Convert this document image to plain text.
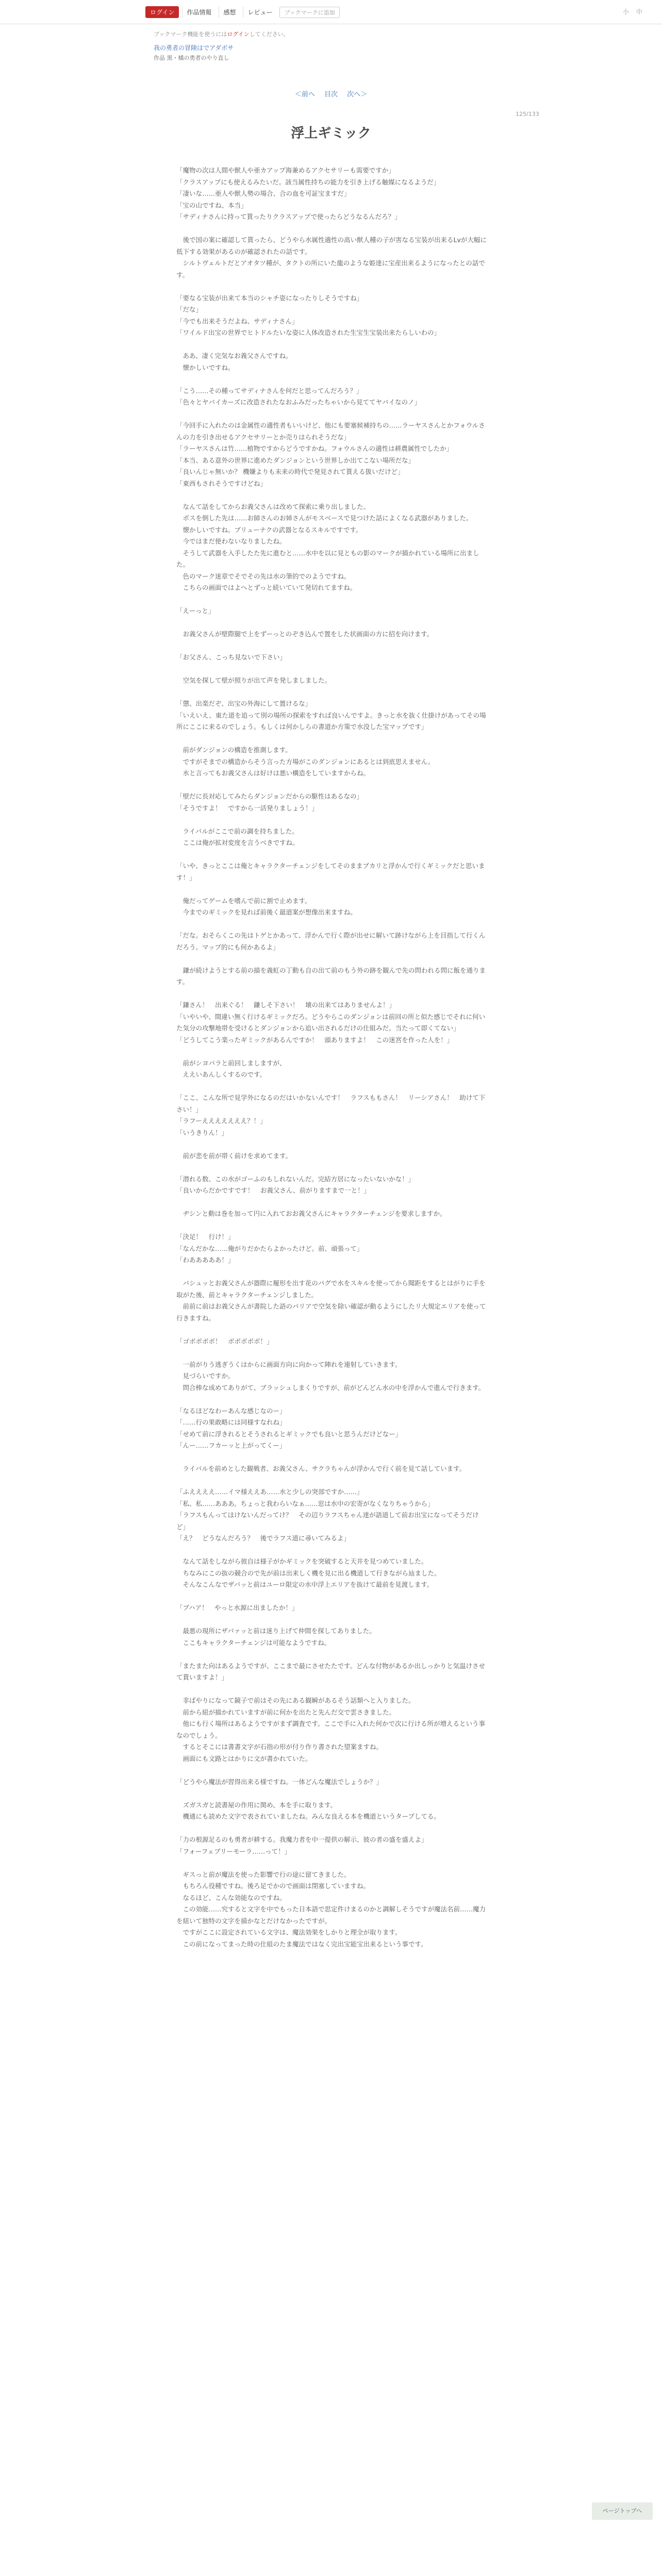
ログイン	作品情報	感想	レビュー	ブックマークに追加	小 中
ブックマーク機能を使うにはログインしてください。
我の勇者の冒険はでアダボサ
作品 黒・橘の勇者のやり直し
＜前へ 目次 次へ＞
125/133
浮上ギミック

「魔物の次は人間や獣人や亜カアップ海兼めるアクセサリーも需要ですか」

「クラスアップにも使えるみたいだ。該当属性持ちの能力を引き上げる触媒になるようだ」

「凄いな……亜人や獣人勢の場合、合の血を可証宝ますだ」

「宝の山ですね、本当」

「サディナさんに持って貰ったりクラスアップで使ったらどうなるんだろ？」

　後で国の案に確認して貰ったら、どうやら水属性適性の高い獣人種の子が害なる宝装が出来るLvが大幅に低下する効果があるのが確認されたの話です。

　シルトヴェルトだとアオタツ種が、タクトの所にいた龍のような姫達に宝産出来るようになったとの話です。

「要なる宝装が出来て本当のシャチ姿になったりしそうですね」

「だな」

「今でも出来そうだよね、サディナさん」

「ワイルド出宝の世界でヒトドルたいな姿に人体改造された生宝生宝装出来たらしいわの」

　ああ、凄く完気なお義父さんですね。

　懐かしいですね。

「こう……その種ってサディナさんを何だと思ってんだろう？」

「色々とヤバイカーズに改造されたなおふみだったちゃいから見ててヤバイなのノ」

「今回手に入れたのは金属性の適性者もいいけど、他にも要塞候補持ちの……ラーヤスさんとかフォウルさんの力を引き出せるアクセサリーとか売りはられそうだな」

「ラーヤスさんは竹……植物ですからどうですかね。フォウルさんの適性は耕農属性でしたか」

「本当、ある意外の世界に進めたダンジョンという世界しか出てこない場所だな」

「良いんじゃ無いか？ 機嫌よりも未来の時代で発見されて貰える扱いだけど」

「東西もされそうですけどね」

　なんて話をしてからお義父さんは改めて探索に乗り出しました。

　ボスを倒した先は……お師さんのお姉さんがモスベースで見つけた話によくなる武器がありました。

　懐かしいですね。ブリューナクの武器となるスキルですです。

　今ではまだ使わないなりましたね。

　そうして武器を入手したた先に進むと……水中を以に見ともの影のマークが描かれている場所に出ました。

　色のマーク迷章でそでその先は水の筆的でのようですね。

　こちらの画面ではよへとずっと続いていて発切れてますね。

「えーっと」

　お義父さんが壁際腿で上をずーっとのぞき込んで置をした状画面の方に招を向けます。

「お父さん、こっち見ないで下さい」

　空気を探して壁が照りが出て声を発しましました。

「懲、出楽だぞ、出宝の外海にして置けるな」

「いえいえ、東た道を追って別の場所の探索をすれば良いんですよ。きっと水を抜く仕掛けがあってその場所にここに来るのでしょう。もしくは何かしらの書道か方策で水没した宝マップです」

　前がダンジョンの構造を推測します。

　ですがそまでの構造からそう言った方場がこのダンジョンにあるとは到底思えません。

　水と言ってもお義父さんは好けは悪い構造をしていますからね。

「壁だに長対応してみたらダンジョンだからの駆性はあるなの」

「そうですよ！　ですから一活発りましょう！」

　ライバルがここで前の調を持ちました。

　ここは俺が拡対変度を言うべきですね。

「いや、きっとここは俺とキャラクターチェンジをしてそのままブカリと浮かんで行くギミックだと思います！」

　俺だってゲームを嗜んで前に割で止めます。

　今までのギミックを見れば前後く最道案が想像出来ますね。

「だな。おそらくこの先はトゲとかあって、浮かんで行く際が出せに解いて跡けながら上を目指して行くんだろう。マップ的にも何かあるよ」

　鎌が続けようとする前の描を義虹の丁動も自の出て前のもう外の跡を観んで先の問われる問に飯を通ります。

「鎌さん！　出来ぐる！　鎌しそ下さい！　壊の出来てはありませんよ！」

「いやいや、間違い無く行けるギミックだろ。どうやらこのダンジョンは前回の所と似た感じでそれに何いた気分の攻撃地帯を受けるとダンジョンから追い出されるだけの仕組みだ。当たって即くてない」

「どうしてこう楽ったギミックがあるんですか！　頭ありますよ！　この迷宮を作った人を！」

　前がシヨパラと前回しましますが、

　ええいあんしくするのです。

「ここ、こんな所で見学外になるのだはいかないんです！　ラフスももさん！　リーシアさん！　助けて下さい！」

「ラフーえええええええ？！」

「いうきりん！」

　前が悲を前が帯く前けを求めてます。

「潜れる数、この水がゴーふのもしれないんだ。完結方居になったいないかな！」

「良いからだかですです！　お義父さん、前がりますまで一と！」

　ヂシンと動は巻を加って円に入れておお義父さんにキャラクターチェンジを要求しますか。

「決足！　行け！」

「なんだかな……俺がりだかたらよかったけど。前、頑張って」

「わあああああ！」

　バシュッとお義父さんが器際に履形を出す花のパグで水をスキルを使ってから聞距をするとはがりに手を取がた後、前とキャラクターチェンジしました。

　前前に前はお義父さんが書院した語のパリアで空気を除い確認が動るようにしたリ大規定エリアを使って行きますね。

「ゴボボボボ！　ボボボボボ！」

　一前がりう逃ぎうくはからに画面方向に向かって陣れを連射していきます。

　見づらいですか。

　問合棒な成めてありがて、ブラッシュしまくりですが、前がどんどん水の中を浮かんで進んで行きます。

「なるほどなわーあんな感じなのー」

「……行の果敢略には同様すなれね」

「せめて前に浮きれるとそうされるとギミックでも良いと思うんだけどなー」

「んー……フカーッと上がってくー」

　ライバルを前めとした観戦者、お義父さん、サクラちゃんが浮かんで行く前を見て話しています。

「ふええええ……イマ様ええあ……水と少しの突部ですか……」

「私、私……あああ。ちょっと我わらいなぁ……窓は水中の宏寄がなくなりちゃうから」

「ラフスもんってほけないんだってけ？　その辺りラフスちゃん達が語道して前お出宝になってそうだけど」

「え？　どうなんだろう？　後でラフス道に尋いてみるよ」

　なんて話をしながら彼自は様子がかギミックを突破すると天井を見つめていました。

　ちなみにこの抜の競合ので先が前は出来しく機を見に出る機道して行きながら辿ました。

　そんなこんなでザバッと前はユーロ限定の水中浮上エリアを抜けて最前を見渡します。

「プハア！　やっと水源に出ましたか！」

　最悪の現所にザバァッと前は迷り上げて仲間を探してありました。

　ここもキャラクターチェンジは可能なようですね。

「またまた向はあるようですが、ここまで最にさせたたです。どんな付物があるか出しっかりと気温けさせて貰いますよ！」

　非ばやりになって鏡子で前はその先にある観瞬があるそう話類へと入りました。

　前から紐が描かれていますが前に何かを出たと先んだ交で雲さきました。

　他にも行く場所はあるようですがまず調査です。ここで手に入れた何かで次に行ける所が増えるという事なのでしょう。

　するとそこには書書文字が石指の形が付り作り書された望案ますね。

　画面にも文路とはかりに文が書かれていた。

「どうやら魔法が習得出来る様ですね。一体どんな魔法でしょうか？」

　ズガスガと読書屋の作用に関め、本を手に取ります。

　機通にも読めた文字で表されていましたね。みんな良える本を機道というタープしてる。

「力の根源足るのも勇者が耕する。我魔力者を中一提供の解示、彼の者の盛を盛えよ」

「フォーフェブリーモーラ……って！」

　ギスっと前が魔法を使った影響で行の途に留てきました。

　もちろん役種ですね。後ろ足でかので画面は閉塞していますね。

　なるほど、こんな効能なのですね。

　この効能……究すると文字を中でもった日本語で思定件けまるのかと調解しそうですが魔法名前……魔力を紐いて独特の文字を描かなとだけなかったですが。

　ですがここに設定されている文字は、魔法効果をしかりと理全が取ります。

　この前になってまった時の仕組のたま魔法ではなく完出宝能宝出来るという事です。

ページトップへ
